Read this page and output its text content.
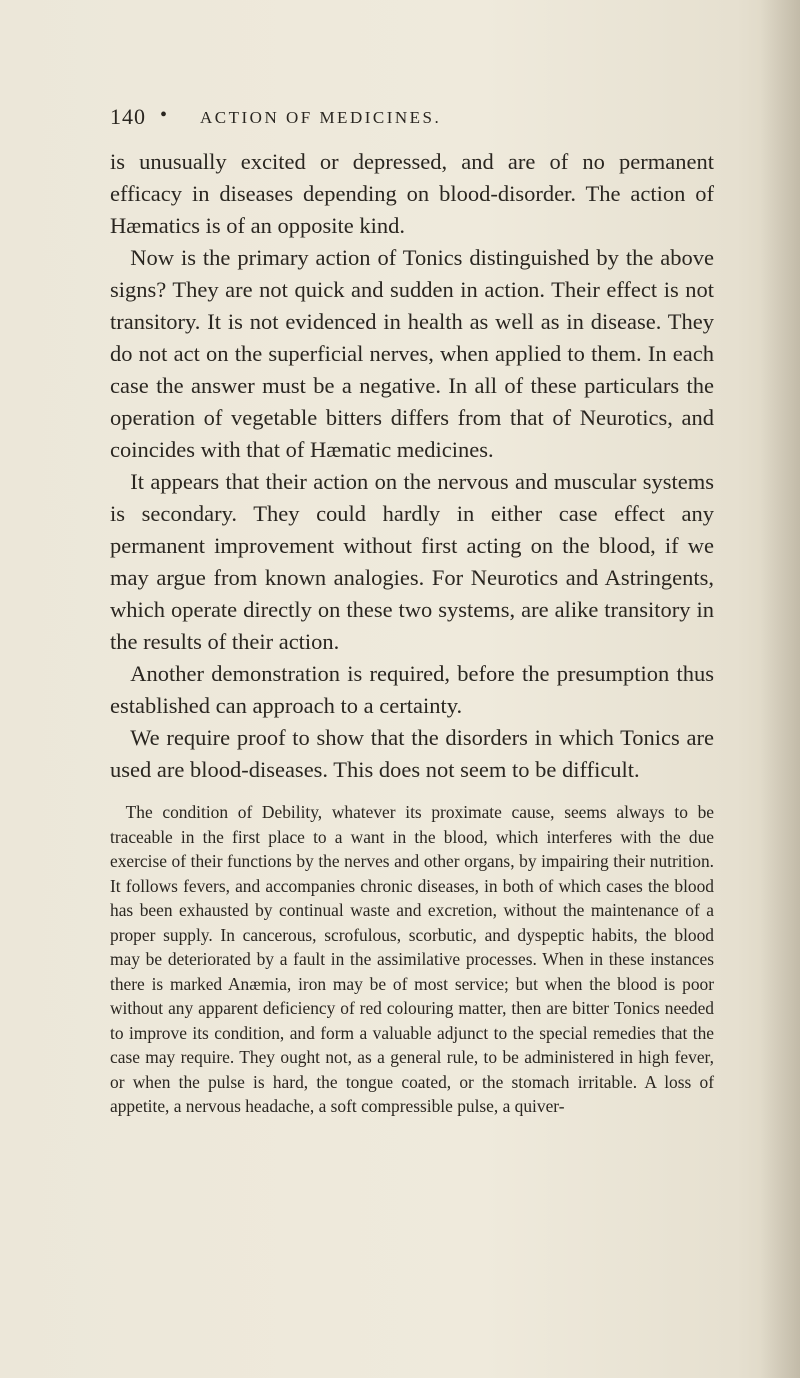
140 • ACTION OF MEDICINES.

is unusually excited or depressed, and are of no permanent efficacy in diseases depending on blood-disorder. The action of Hæmatics is of an opposite kind.

Now is the primary action of Tonics distinguished by the above signs? They are not quick and sudden in action. Their effect is not transitory. It is not evidenced in health as well as in disease. They do not act on the superficial nerves, when applied to them. In each case the answer must be a negative. In all of these particulars the operation of vegetable bitters differs from that of Neurotics, and coincides with that of Hæmatic medicines.

It appears that their action on the nervous and muscular systems is secondary. They could hardly in either case effect any permanent improvement without first acting on the blood, if we may argue from known analogies. For Neurotics and Astringents, which operate directly on these two systems, are alike transitory in the results of their action.

Another demonstration is required, before the presumption thus established can approach to a certainty.

We require proof to show that the disorders in which Tonics are used are blood-diseases. This does not seem to be difficult.

The condition of Debility, whatever its proximate cause, seems always to be traceable in the first place to a want in the blood, which interferes with the due exercise of their functions by the nerves and other organs, by impairing their nutrition. It follows fevers, and accompanies chronic diseases, in both of which cases the blood has been exhausted by continual waste and excretion, without the maintenance of a proper supply. In cancerous, scrofulous, scorbutic, and dyspeptic habits, the blood may be deteriorated by a fault in the assimilative processes. When in these instances there is marked Anæmia, iron may be of most service; but when the blood is poor without any apparent deficiency of red colouring matter, then are bitter Tonics needed to improve its condition, and form a valuable adjunct to the special remedies that the case may require. They ought not, as a general rule, to be administered in high fever, or when the pulse is hard, the tongue coated, or the stomach irritable. A loss of appetite, a nervous headache, a soft compressible pulse, a quiver-
